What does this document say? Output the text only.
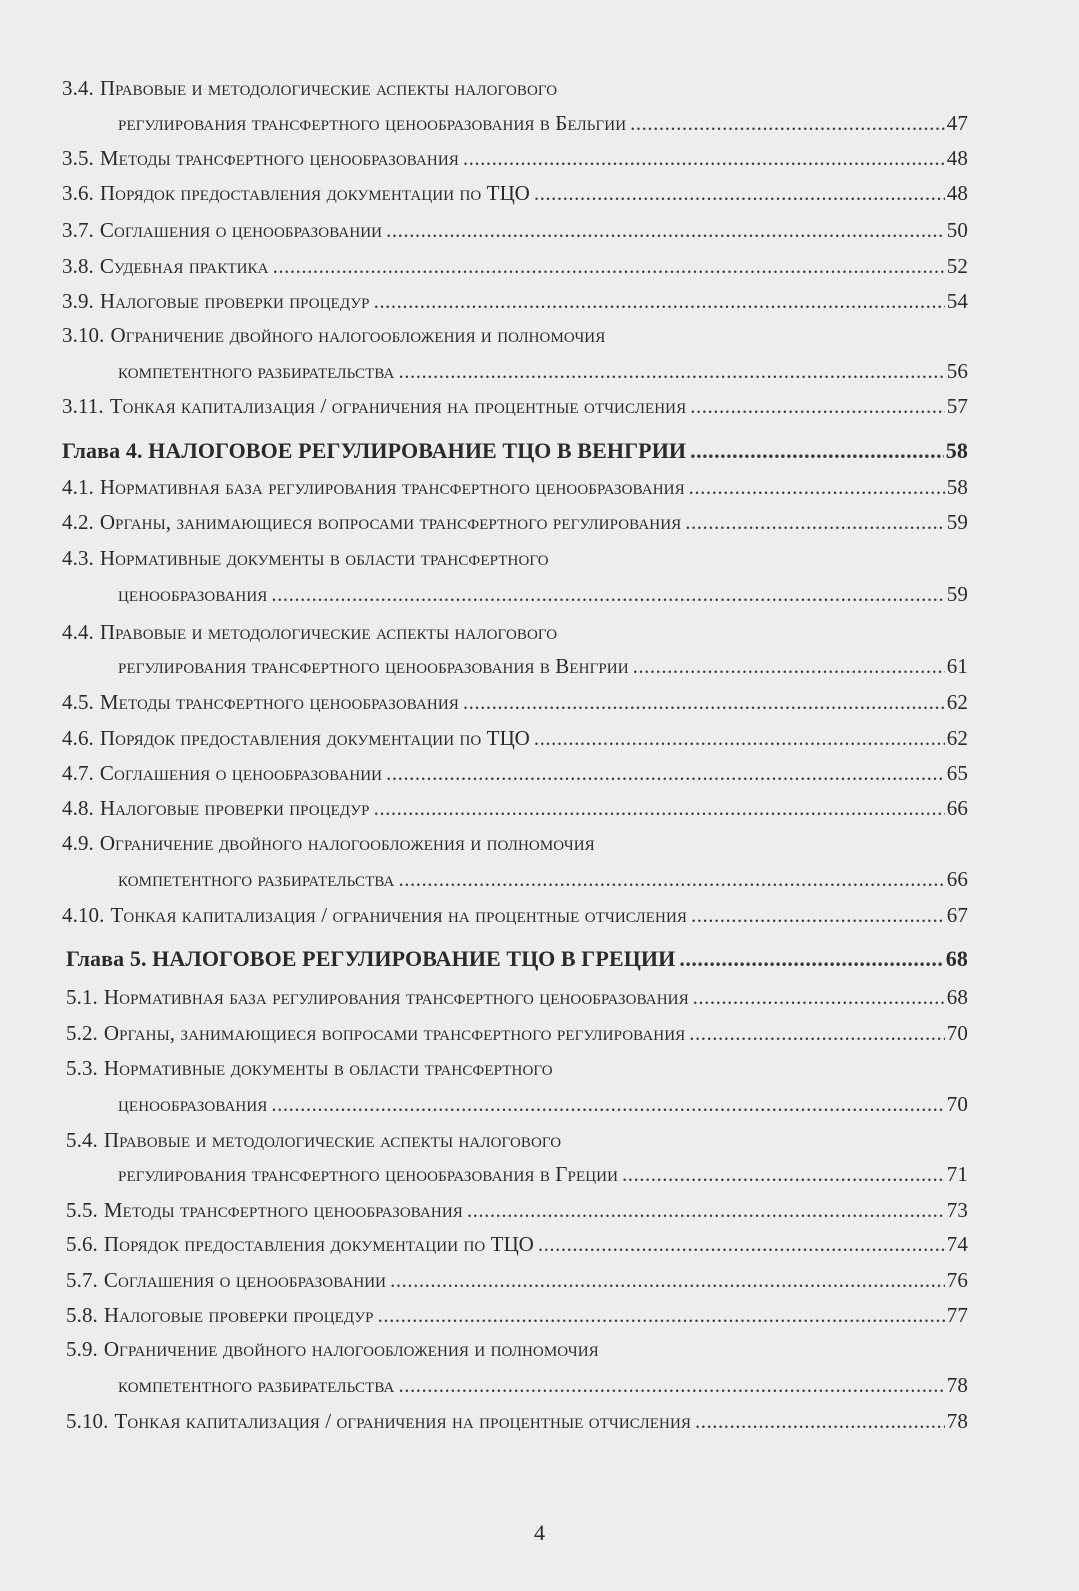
3.4. Правовые и методологические аспекты налогового
регулирования трансфертного ценообразования в Бельгии .....	47
3.5. Методы трансфертного ценообразования .....	48
3.6. Порядок предоставления документации по ТЦО .....	48
3.7. Соглашения о ценообразовании .....	50
3.8. Судебная практика .....	52
3.9. Налоговые проверки процедур .....	54
3.10. Ограничение двойного налогообложения и полномочия
компетентного разбирательства .....	56
3.11. Тонкая капитализация / ограничения на процентные отчисления .....	57
Глава 4. НАЛОГОВОЕ РЕГУЛИРОВАНИЕ ТЦО В ВЕНГРИИ .....	58
4.1. Нормативная база регулирования трансфертного ценообразования .....	58
4.2. Органы, занимающиеся вопросами трансфертного регулирования .....	59
4.3. Нормативные документы в области трансфертного
ценообразования .....	59
4.4. Правовые и методологические аспекты налогового
регулирования трансфертного ценообразования в Венгрии .....	61
4.5. Методы трансфертного ценообразования .....	62
4.6. Порядок предоставления документации по ТЦО .....	62
4.7. Соглашения о ценообразовании .....	65
4.8. Налоговые проверки процедур .....	66
4.9. Ограничение двойного налогообложения и полномочия
компетентного разбирательства .....	66
4.10. Тонкая капитализация / ограничения на процентные отчисления .....	67
Глава 5. НАЛОГОВОЕ РЕГУЛИРОВАНИЕ ТЦО В ГРЕЦИИ .....	68
5.1. Нормативная база регулирования трансфертного ценообразования .....	68
5.2. Органы, занимающиеся вопросами трансфертного регулирования .....	70
5.3. Нормативные документы в области трансфертного
ценообразования .....	70
5.4. Правовые и методологические аспекты налогового
регулирования трансфертного ценообразования в Греции .....	71
5.5. Методы трансфертного ценообразования .....	73
5.6. Порядок предоставления документации по ТЦО .....	74
5.7. Соглашения о ценообразовании .....	76
5.8. Налоговые проверки процедур .....	77
5.9. Ограничение двойного налогообложения и полномочия
компетентного разбирательства .....	78
5.10. Тонкая капитализация / ограничения на процентные отчисления .....	78
4
